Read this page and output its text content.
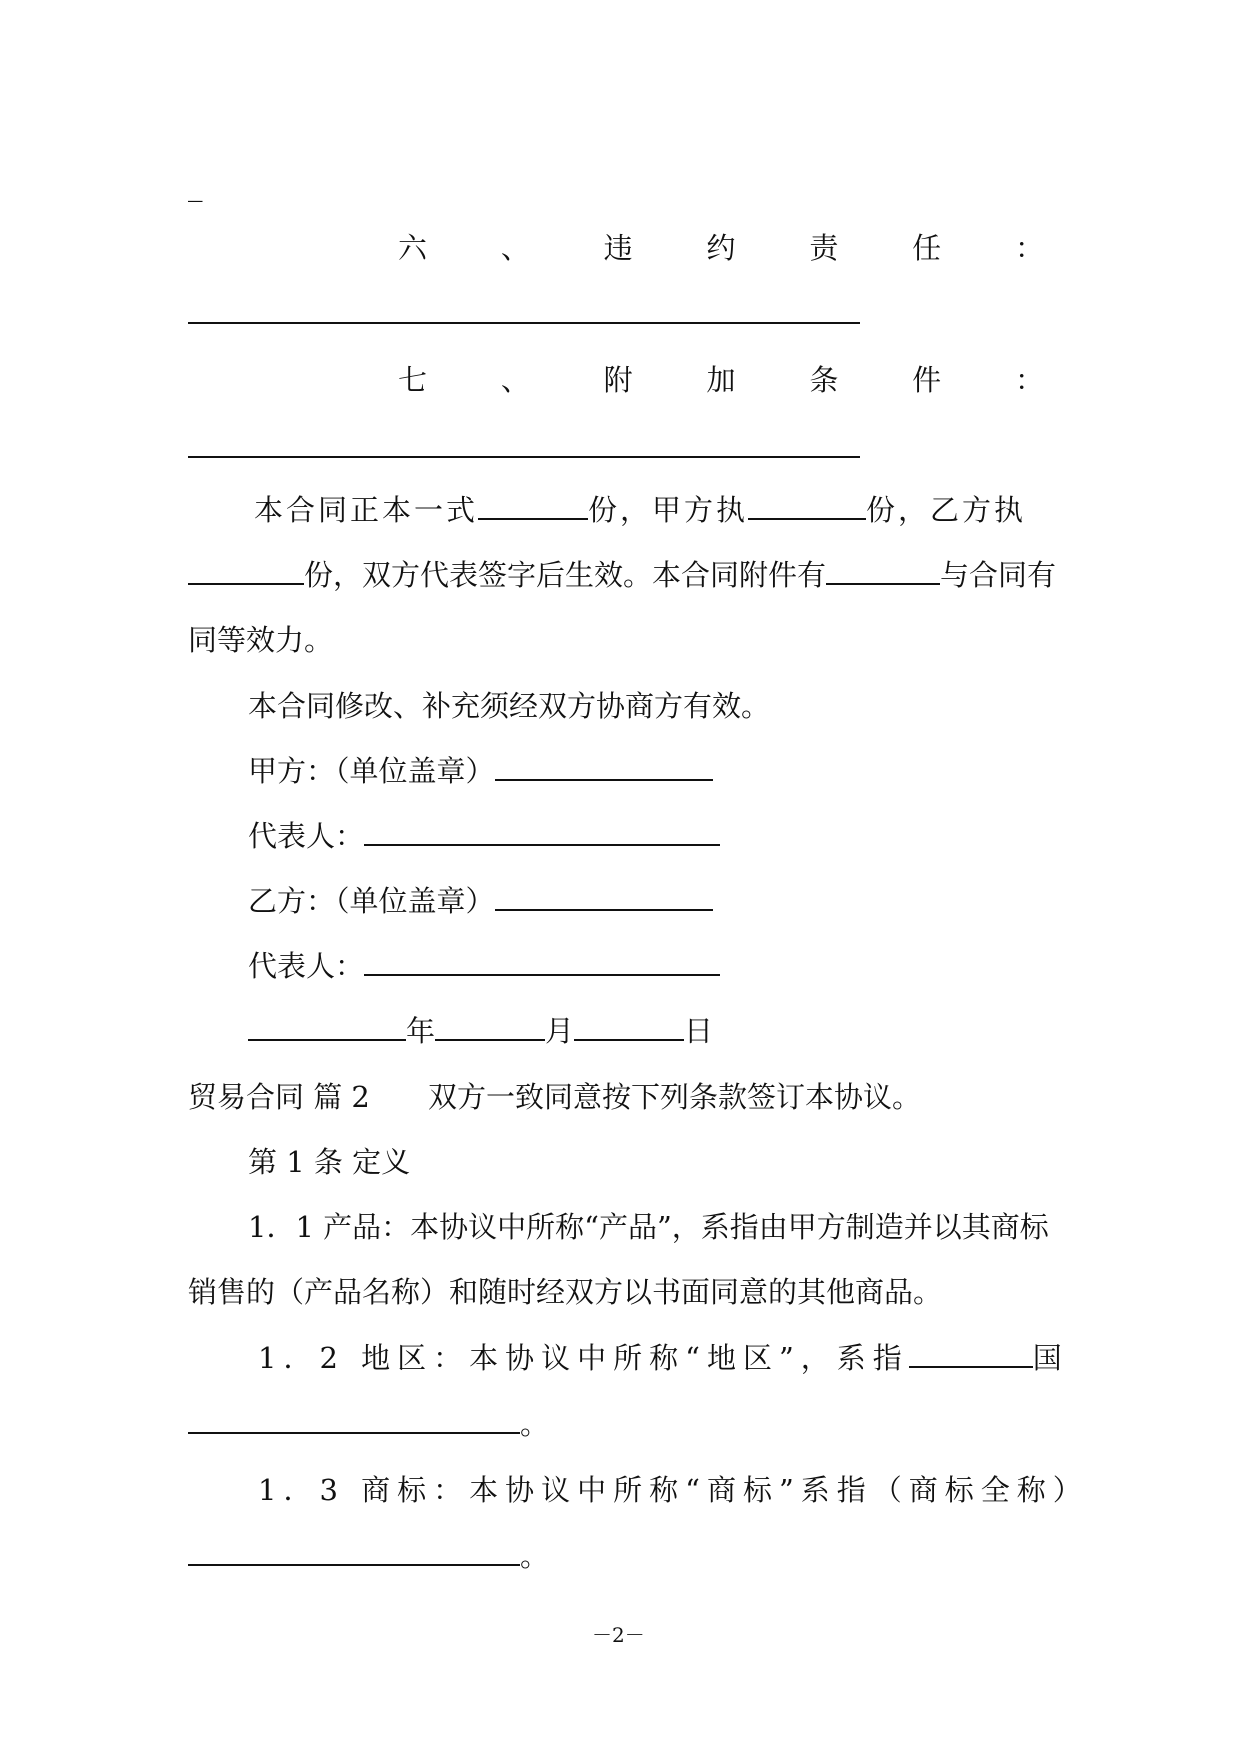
_
六	、	违	约	责	任	：
七	、	附	加	条	件	：
本合同正本一式	份，甲方执	份，乙方执
份，双方代表签字后生效。本合同附件有	与合同有
同等效力。
本合同修改、补充须经双方协商方有效。
甲方：（单位盖章）
代表人：
乙方：（单位盖章）
代表人：
年	月	日
贸易合同 篇 2 双方一致同意按下列条款签订本协议。
第 1 条 定义
1．1 产品：本协议中所称“产品”，系指由甲方制造并以其商标
销售的（产品名称）和随时经双方以书面同意的其他商品。
1．2 地区：本协议中所称“地区”，系指	国
。
1．3 商标：本协议中所称“商标”系指（商标全称）
。
－2－
